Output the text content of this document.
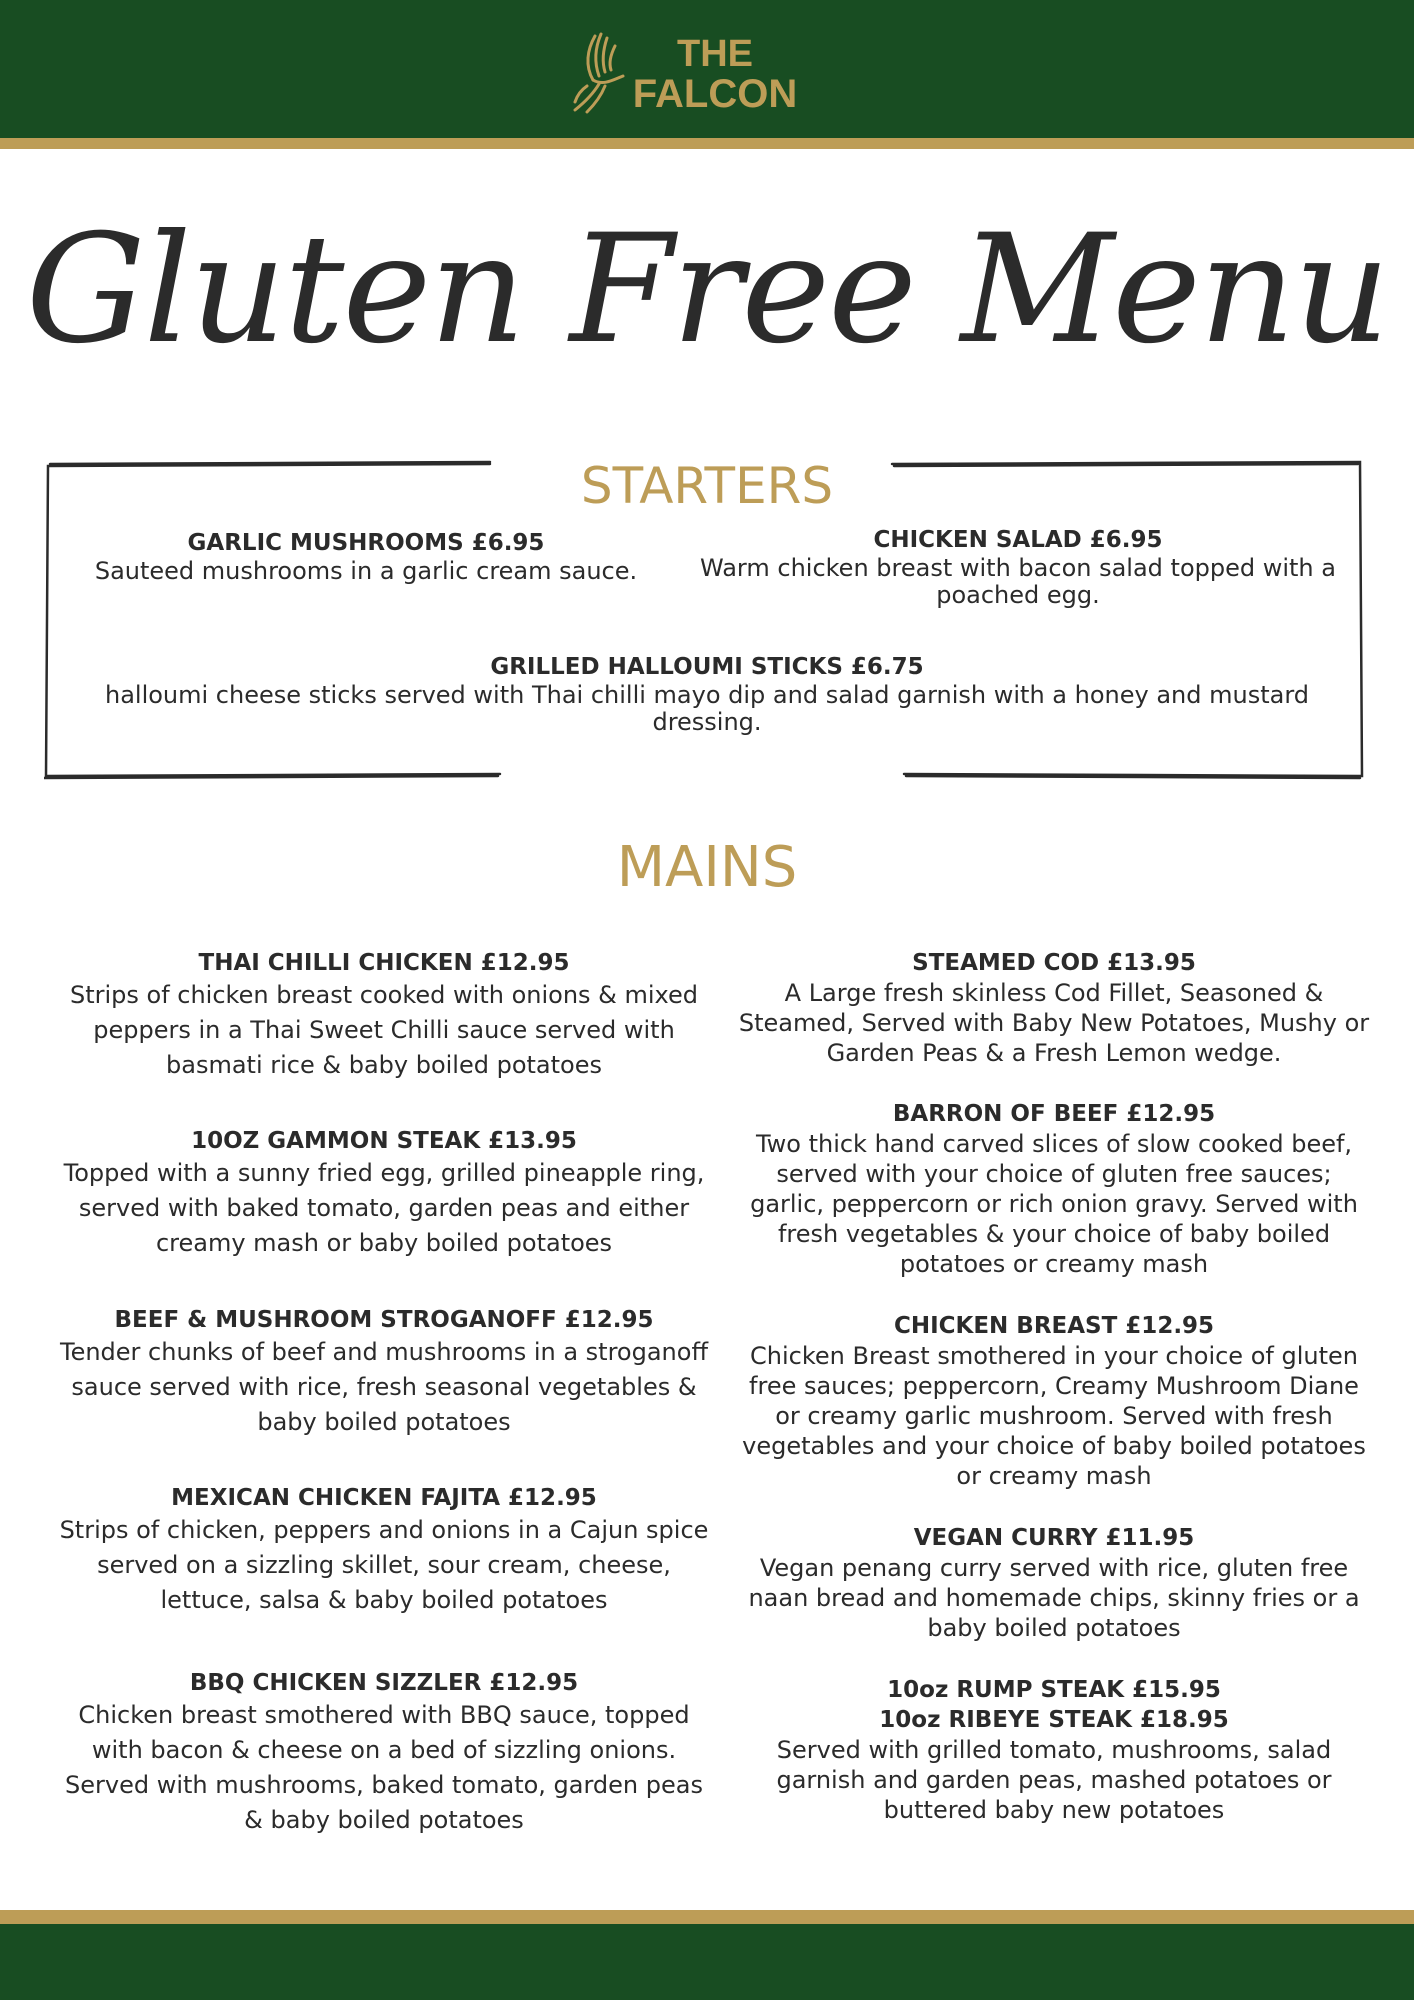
THE
FALCON
Gluten Free Menu
STARTERS
GARLIC MUSHROOMS £6.95
Sauteed mushrooms in a garlic cream sauce.
CHICKEN SALAD £6.95
Warm chicken breast with bacon salad topped with a poached egg.
GRILLED HALLOUMI STICKS £6.75
halloumi cheese sticks served with Thai chilli mayo dip and salad garnish with a honey and mustard dressing.
MAINS
THAI CHILLI CHICKEN £12.95
Strips of chicken breast cooked with onions & mixed peppers in a Thai Sweet Chilli sauce served with basmati rice & baby boiled potatoes
10OZ GAMMON STEAK £13.95
Topped with a sunny fried egg, grilled pineapple ring, served with baked tomato, garden peas and either creamy mash or baby boiled potatoes
BEEF & MUSHROOM STROGANOFF £12.95
Tender chunks of beef and mushrooms in a stroganoff sauce served with rice, fresh seasonal vegetables & baby boiled potatoes
MEXICAN CHICKEN FAJITA £12.95
Strips of chicken, peppers and onions in a Cajun spice served on a sizzling skillet, sour cream, cheese, lettuce, salsa & baby boiled potatoes
BBQ CHICKEN SIZZLER £12.95
Chicken breast smothered with BBQ sauce, topped with bacon & cheese on a bed of sizzling onions. Served with mushrooms, baked tomato, garden peas & baby boiled potatoes
STEAMED COD £13.95
A Large fresh skinless Cod Fillet, Seasoned & Steamed, Served with Baby New Potatoes, Mushy or Garden Peas & a Fresh Lemon wedge.
BARRON OF BEEF £12.95
Two thick hand carved slices of slow cooked beef, served with your choice of gluten free sauces; garlic, peppercorn or rich onion gravy. Served with fresh vegetables & your choice of baby boiled potatoes or creamy mash
CHICKEN BREAST £12.95
Chicken Breast smothered in your choice of gluten free sauces; peppercorn, Creamy Mushroom Diane or creamy garlic mushroom. Served with fresh vegetables and your choice of baby boiled potatoes or creamy mash
VEGAN CURRY £11.95
Vegan penang curry served with rice, gluten free naan bread and homemade chips, skinny fries or a baby boiled potatoes
10oz RUMP STEAK £15.95
10oz RIBEYE STEAK £18.95
Served with grilled tomato, mushrooms, salad garnish and garden peas, mashed potatoes or buttered baby new potatoes
